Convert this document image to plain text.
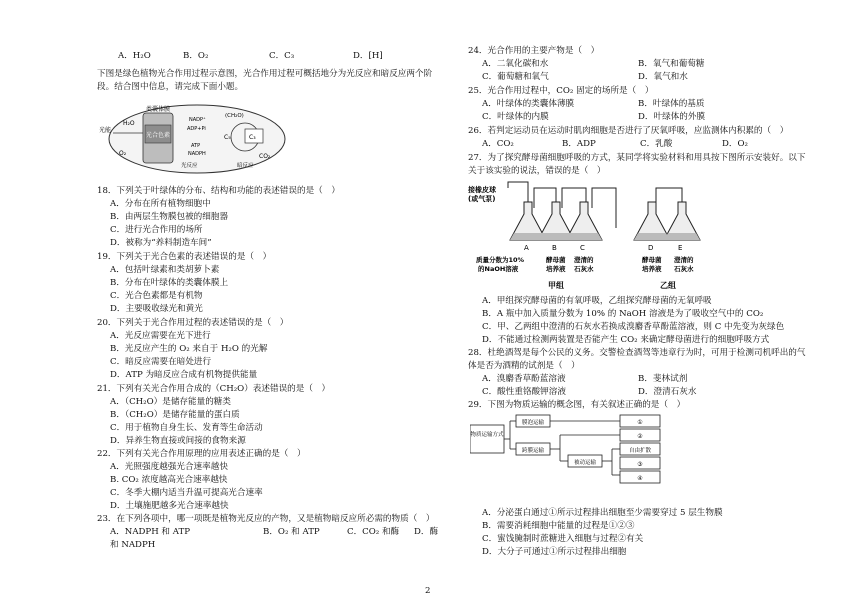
A．H₂O	B．O₂	C．C₃	D．[H]
下图是绿色植物光合作用过程示意图，光合作用过程可概括地分为光反应和暗反应两个阶
段。结合图中信息，请完成下面小题。
类囊体膜
光合色素
光能
H₂O
O₂
NADP⁺
ADP+Pi
ATP
NADPH
(CH₂O)
C₅	C₃
CO₂
光反应	暗反应
18．下列关于叶绿体的分布、结构和功能的表述错误的是（　）
A．分布在所有植物细胞中
B．由两层生物膜包被的细胞器
C．进行光合作用的场所
D．被称为“养料制造车间”
19．下列关于光合色素的表述错误的是（　）
A．包括叶绿素和类胡萝卜素
B．分布在叶绿体的类囊体膜上
C．光合色素都是有机物
D．主要吸收绿光和黄光
20．下列关于光合作用过程的表述错误的是（　）
A．光反应需要在光下进行
B．光反应产生的 O₂ 来自于 H₂O 的光解
C．暗反应需要在暗处进行
D．ATP 为暗反应合成有机物提供能量
21．下列有关光合作用合成的（CH₂O）表述错误的是（　）
A．（CH₂O）是储存能量的糖类
B．（CH₂O）是储存能量的蛋白质
C．用于植物自身生长、发育等生命活动
D．异养生物直接或间接的食物来源
22．下列有关光合作用原理的应用表述正确的是（　）
A．光照强度越强光合速率越快
B. CO₂ 浓度越高光合速率越快
C．冬季大棚内适当升温可提高光合速率
D．土壤施肥越多光合速率越快
23．在下列各项中，哪一项既是植物光反应的产物，又是植物暗反应所必需的物质（　）
A．NADPH 和 ATP	B．O₂ 和 ATP	C．CO₂ 和酶 D．酶
和 NADPH
24．光合作用的主要产物是（　）
A．二氧化碳和水	B．氧气和葡萄糖
C．葡萄糖和氧气	D．氧气和水
25．光合作用过程中，CO₂ 固定的场所是（　）
A．叶绿体的类囊体薄膜	B．叶绿体的基质
C．叶绿体的内膜	D．叶绿体的外膜
26．若判定运动员在运动时肌肉细胞是否进行了厌氧呼吸，应监测体内积累的（　）
A．CO₂	B．ADP	C．乳酸	D．O₂
27．为了探究酵母菌细胞呼吸的方式，某同学将实验材料和用具按下图所示安装好。以下
关于该实验的说法，错误的是（　）
接橡皮球
(或气泵)
A	B	C	D	E
质量分数为10%
的NaOH溶液
酵母菌
培养液
澄清的
石灰水
酵母菌
培养液
澄清的
石灰水
甲组	乙组
A．甲组探究酵母菌的有氧呼吸，乙组探究酵母菌的无氧呼吸
B．A 瓶中加入质量分数为 10% 的 NaOH 溶液是为了吸收空气中的 CO₂
C．甲、乙两组中澄清的石灰水若换成溴麝香草酚蓝溶液，则 C 中先变为灰绿色
D．不能通过检测两装置是否能产生 CO₂ 来确定酵母菌进行的细胞呼吸方式
28．杜绝酒驾是每个公民的义务。交警检查酒驾等违章行为时，可用于检测司机呼出的气
体是否为酒精的试剂是（　）
A．溴麝香草酚蓝溶液	B．斐林试剂
C．酸性重铬酸钾溶液	D．澄清石灰水
29．下图为物质运输的概念图，有关叙述正确的是（　）
物质运输方式
膜泡运输
跨膜运输
被动运输
①
②
自由扩散
③
④
A．分泌蛋白通过①所示过程排出细胞至少需要穿过 5 层生物膜
B．需要消耗细胞中能量的过程是①②③
C．蜜饯腌制时蔗糖进入细胞与过程②有关
D．大分子可通过①所示过程排出细胞
2
